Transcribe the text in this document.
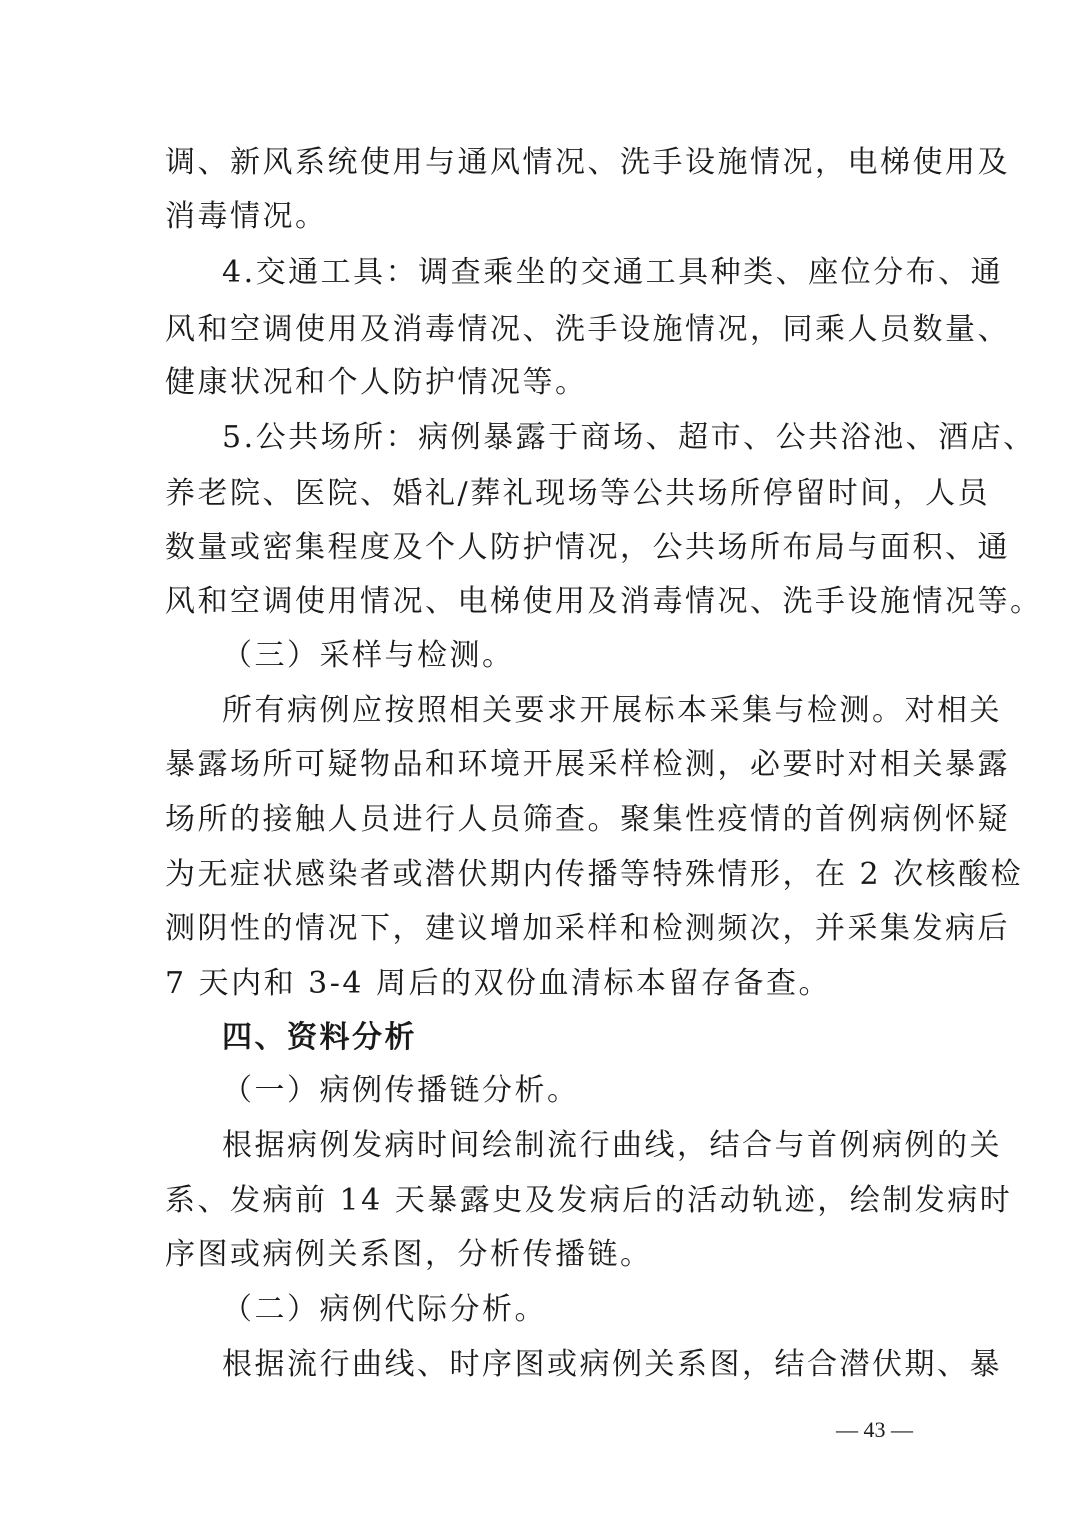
调、新风系统使用与通风情况、洗手设施情况，电梯使用及
消毒情况。
4.交通工具：调查乘坐的交通工具种类、座位分布、通
风和空调使用及消毒情况、洗手设施情况，同乘人员数量、
健康状况和个人防护情况等。
5.公共场所：病例暴露于商场、超市、公共浴池、酒店、
养老院、医院、婚礼/葬礼现场等公共场所停留时间，人员
数量或密集程度及个人防护情况，公共场所布局与面积、通
风和空调使用情况、电梯使用及消毒情况、洗手设施情况等。
（三）采样与检测。
所有病例应按照相关要求开展标本采集与检测。对相关
暴露场所可疑物品和环境开展采样检测，必要时对相关暴露
场所的接触人员进行人员筛查。聚集性疫情的首例病例怀疑
为无症状感染者或潜伏期内传播等特殊情形，在 2 次核酸检
测阴性的情况下，建议增加采样和检测频次，并采集发病后
7 天内和 3-4 周后的双份血清标本留存备查。
四、资料分析
（一）病例传播链分析。
根据病例发病时间绘制流行曲线，结合与首例病例的关
系、发病前 14 天暴露史及发病后的活动轨迹，绘制发病时
序图或病例关系图，分析传播链。
（二）病例代际分析。
根据流行曲线、时序图或病例关系图，结合潜伏期、暴
— 43 —
